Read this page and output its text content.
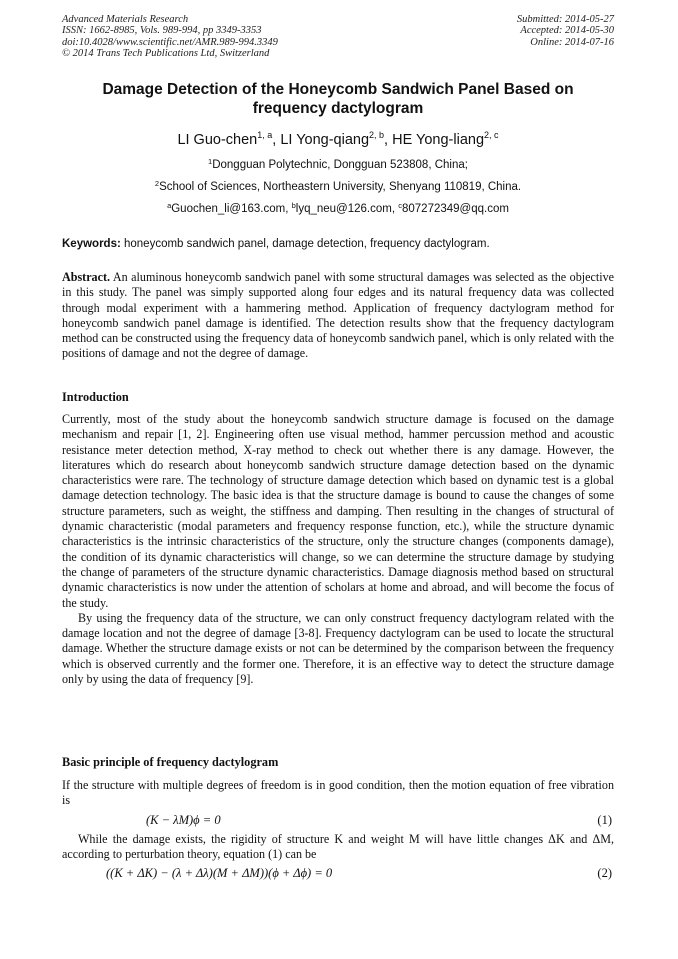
Advanced Materials Research
ISSN: 1662-8985, Vols. 989-994, pp 3349-3353
doi:10.4028/www.scientific.net/AMR.989-994.3349
© 2014 Trans Tech Publications Ltd, Switzerland
Submitted: 2014-05-27
Accepted: 2014-05-30
Online: 2014-07-16
Damage Detection of the Honeycomb Sandwich Panel Based on
frequency dactylogram
LI Guo-chen$^{1, a}$, LI Yong-qiang$^{2, b}$, HE Yong-liang$^{2, c}$
$^1$Dongguan Polytechnic, Dongguan 523808, China;
$^2$School of Sciences, Northeastern University, Shenyang 110819, China.
$^a$Guochen_li@163.com, $^b$lyq_neu@126.com, $^c$807272349@qq.com
Keywords: honeycomb sandwich panel, damage detection, frequency dactylogram.

Abstract. An aluminous honeycomb sandwich panel with some structural damages was selected as the objective in this study. The panel was simply supported along four edges and its natural frequency data was collected through modal experiment with a hammering method. Application of frequency dactylogram method for honeycomb sandwich panel damage is identified. The detection results show that the frequency dactylogram method can be constructed using the frequency data of honeycomb sandwich panel, which is only related with the positions of damage and not the degree of damage.

Introduction

Currently, most of the study about the honeycomb sandwich structure damage is focused on the damage mechanism and repair [1, 2]. Engineering often use visual method, hammer percussion method and acoustic resistance meter detection method, X-ray method to check out whether there is any damage. However, the literatures which do research about honeycomb sandwich structure damage detection based on the dynamic characteristics were rare. The technology of structure damage detection which based on dynamic test is a global damage detection technology. The basic idea is that the structure damage is bound to cause the changes of some structure parameters, such as weight, the stiffness and damping. Then resulting in the changes of structural of dynamic characteristic (modal parameters and frequency response function, etc.), while the structure dynamic characteristics is the intrinsic characteristics of the structure, only the structure changes (components damage), the condition of its dynamic characteristics will change, so we can determine the structure damage by studying the change of parameters of the structure dynamic characteristics. Damage diagnosis method based on structural dynamic characteristics is now under the attention of scholars at home and abroad, and will become the focus of the study.

By using the frequency data of the structure, we can only construct frequency dactylogram related with the damage location and not the degree of damage [3-8]. Frequency dactylogram can be used to locate the structural damage. Whether the structure damage exists or not can be determined by the comparison between the frequency which is observed currently and the former one. Therefore, it is an effective way to detect the structure damage only by using the data of frequency [9].

Basic principle of frequency dactylogram

If the structure with multiple degrees of freedom is in good condition, then the motion equation of free vibration is

(K − λM)ϕ = 0	(1)

While the damage exists, the rigidity of structure K and weight M will have little changes ΔK and ΔM, according to perturbation theory, equation (1) can be

((K + ΔK) − (λ + Δλ)(M + ΔM))(ϕ + Δϕ) = 0	(2)
